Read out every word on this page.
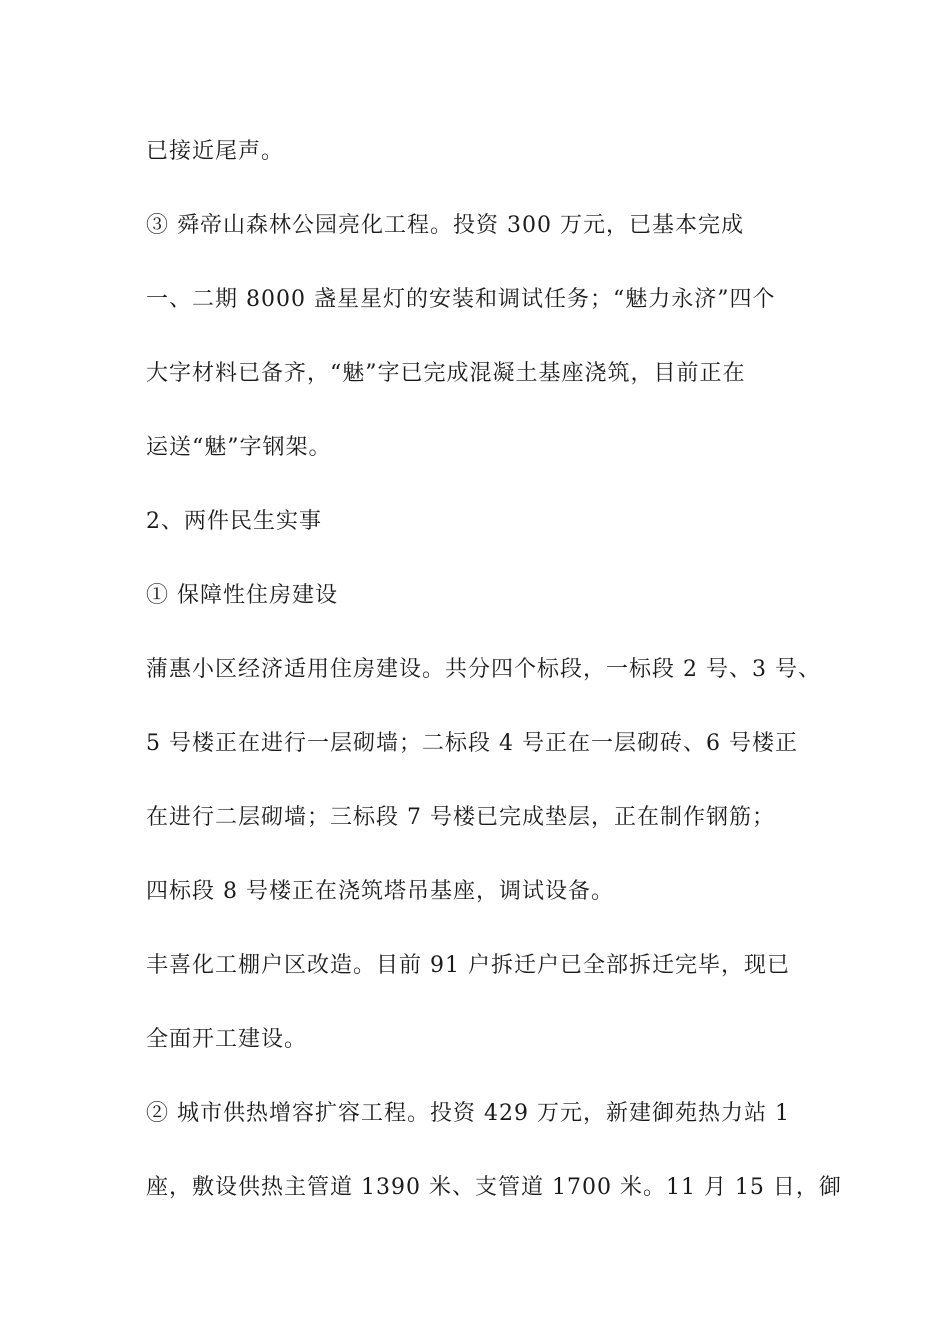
已接近尾声。
③ 舜帝山森林公园亮化工程。投资 300 万元，已基本完成
一、二期 8000 盏星星灯的安装和调试任务；“魅力永济”四个
大字材料已备齐，“魅”字已完成混凝土基座浇筑，目前正在
运送“魅”字钢架。
2、两件民生实事
① 保障性住房建设
蒲惠小区经济适用住房建设。共分四个标段，一标段 2 号、3 号、
5 号楼正在进行一层砌墙；二标段 4 号正在一层砌砖、6 号楼正
在进行二层砌墙；三标段 7 号楼已完成垫层，正在制作钢筋；
四标段 8 号楼正在浇筑塔吊基座，调试设备。
丰喜化工棚户区改造。目前 91 户拆迁户已全部拆迁完毕，现已
全面开工建设。
② 城市供热增容扩容工程。投资 429 万元，新建御苑热力站 1
座，敷设供热主管道 1390 米、支管道 1700 米。11 月 15 日，御
